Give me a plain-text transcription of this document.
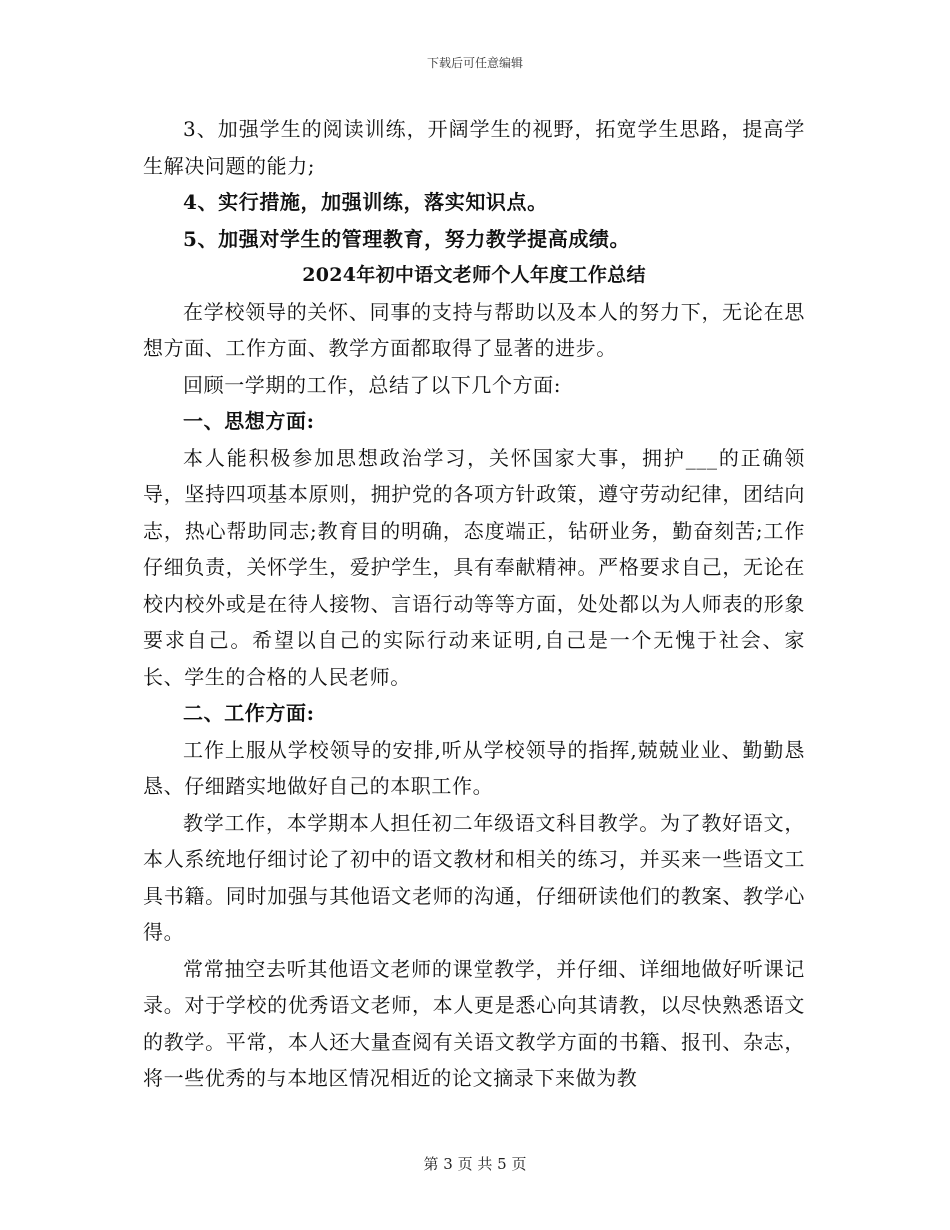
下载后可任意编辑

3、加强学生的阅读训练，开阔学生的视野，拓宽学生思路，提高学生解决问题的能力;

4、实行措施，加强训练，落实知识点。

5、加强对学生的管理教育，努力教学提高成绩。

2024年初中语文老师个人年度工作总结

在学校领导的关怀、同事的支持与帮助以及本人的努力下，无论在思想方面、工作方面、教学方面都取得了显著的进步。

回顾一学期的工作，总结了以下几个方面:

一、思想方面:

本人能积极参加思想政治学习，关怀国家大事，拥护___的正确领导，坚持四项基本原则，拥护党的各项方针政策，遵守劳动纪律，团结向志，热心帮助同志;教育目的明确，态度端正，钻研业务，勤奋刻苦;工作仔细负责，关怀学生，爱护学生，具有奉献精神。严格要求自己，无论在校内校外或是在待人接物、言语行动等等方面，处处都以为人师表的形象要求自己。希望以自己的实际行动来证明,自己是一个无愧于社会、家长、学生的合格的人民老师。

二、工作方面:

工作上服从学校领导的安排,听从学校领导的指挥,兢兢业业、勤勤恳恳、仔细踏实地做好自己的本职工作。

教学工作，本学期本人担任初二年级语文科目教学。为了教好语文，本人系统地仔细讨论了初中的语文教材和相关的练习，并买来一些语文工具书籍。同时加强与其他语文老师的沟通，仔细研读他们的教案、教学心得。

常常抽空去听其他语文老师的课堂教学，并仔细、详细地做好听课记录。对于学校的优秀语文老师，本人更是悉心向其请教，以尽快熟悉语文的教学。平常，本人还大量查阅有关语文教学方面的书籍、报刊、杂志，将一些优秀的与本地区情况相近的论文摘录下来做为教

第 3 页 共 5 页
